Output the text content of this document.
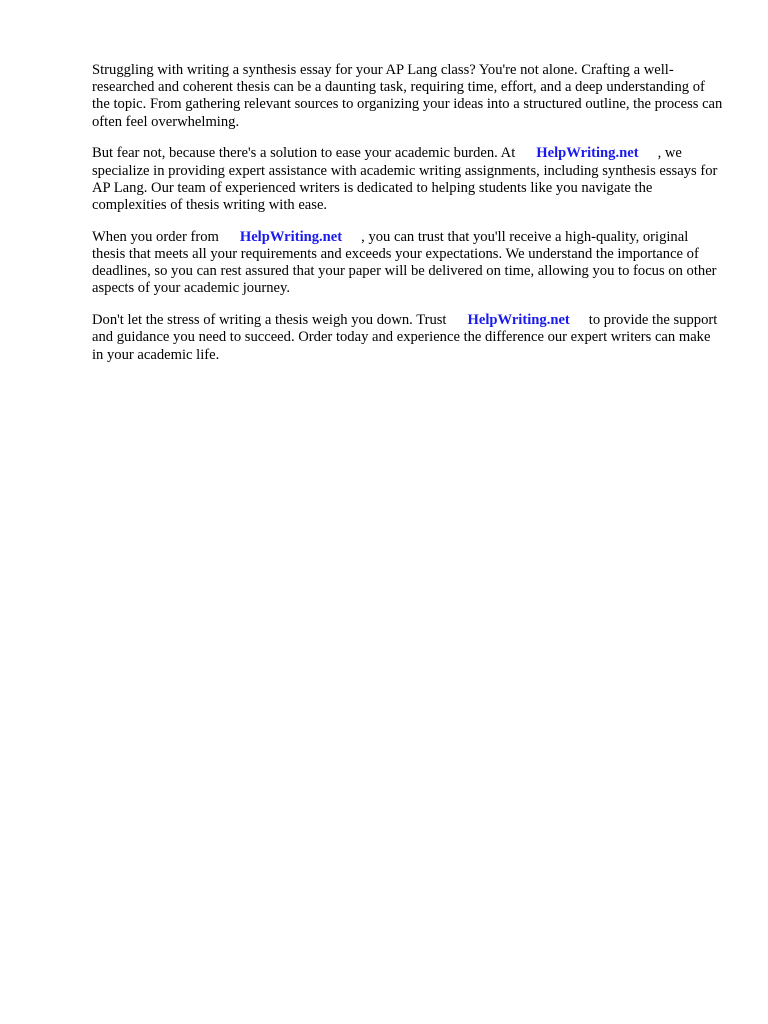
Struggling with writing a synthesis essay for your AP Lang class? You're not alone. Crafting a well-researched and coherent thesis can be a daunting task, requiring time, effort, and a deep understanding of the topic. From gathering relevant sources to organizing your ideas into a structured outline, the process can often feel overwhelming.

But fear not, because there's a solution to ease your academic burden. At HelpWriting.net , we specialize in providing expert assistance with academic writing assignments, including synthesis essays for AP Lang. Our team of experienced writers is dedicated to helping students like you navigate the complexities of thesis writing with ease.

When you order from HelpWriting.net , you can trust that you'll receive a high-quality, original thesis that meets all your requirements and exceeds your expectations. We understand the importance of deadlines, so you can rest assured that your paper will be delivered on time, allowing you to focus on other aspects of your academic journey.

Don't let the stress of writing a thesis weigh you down. Trust HelpWriting.net to provide the support and guidance you need to succeed. Order today and experience the difference our expert writers can make in your academic life.
